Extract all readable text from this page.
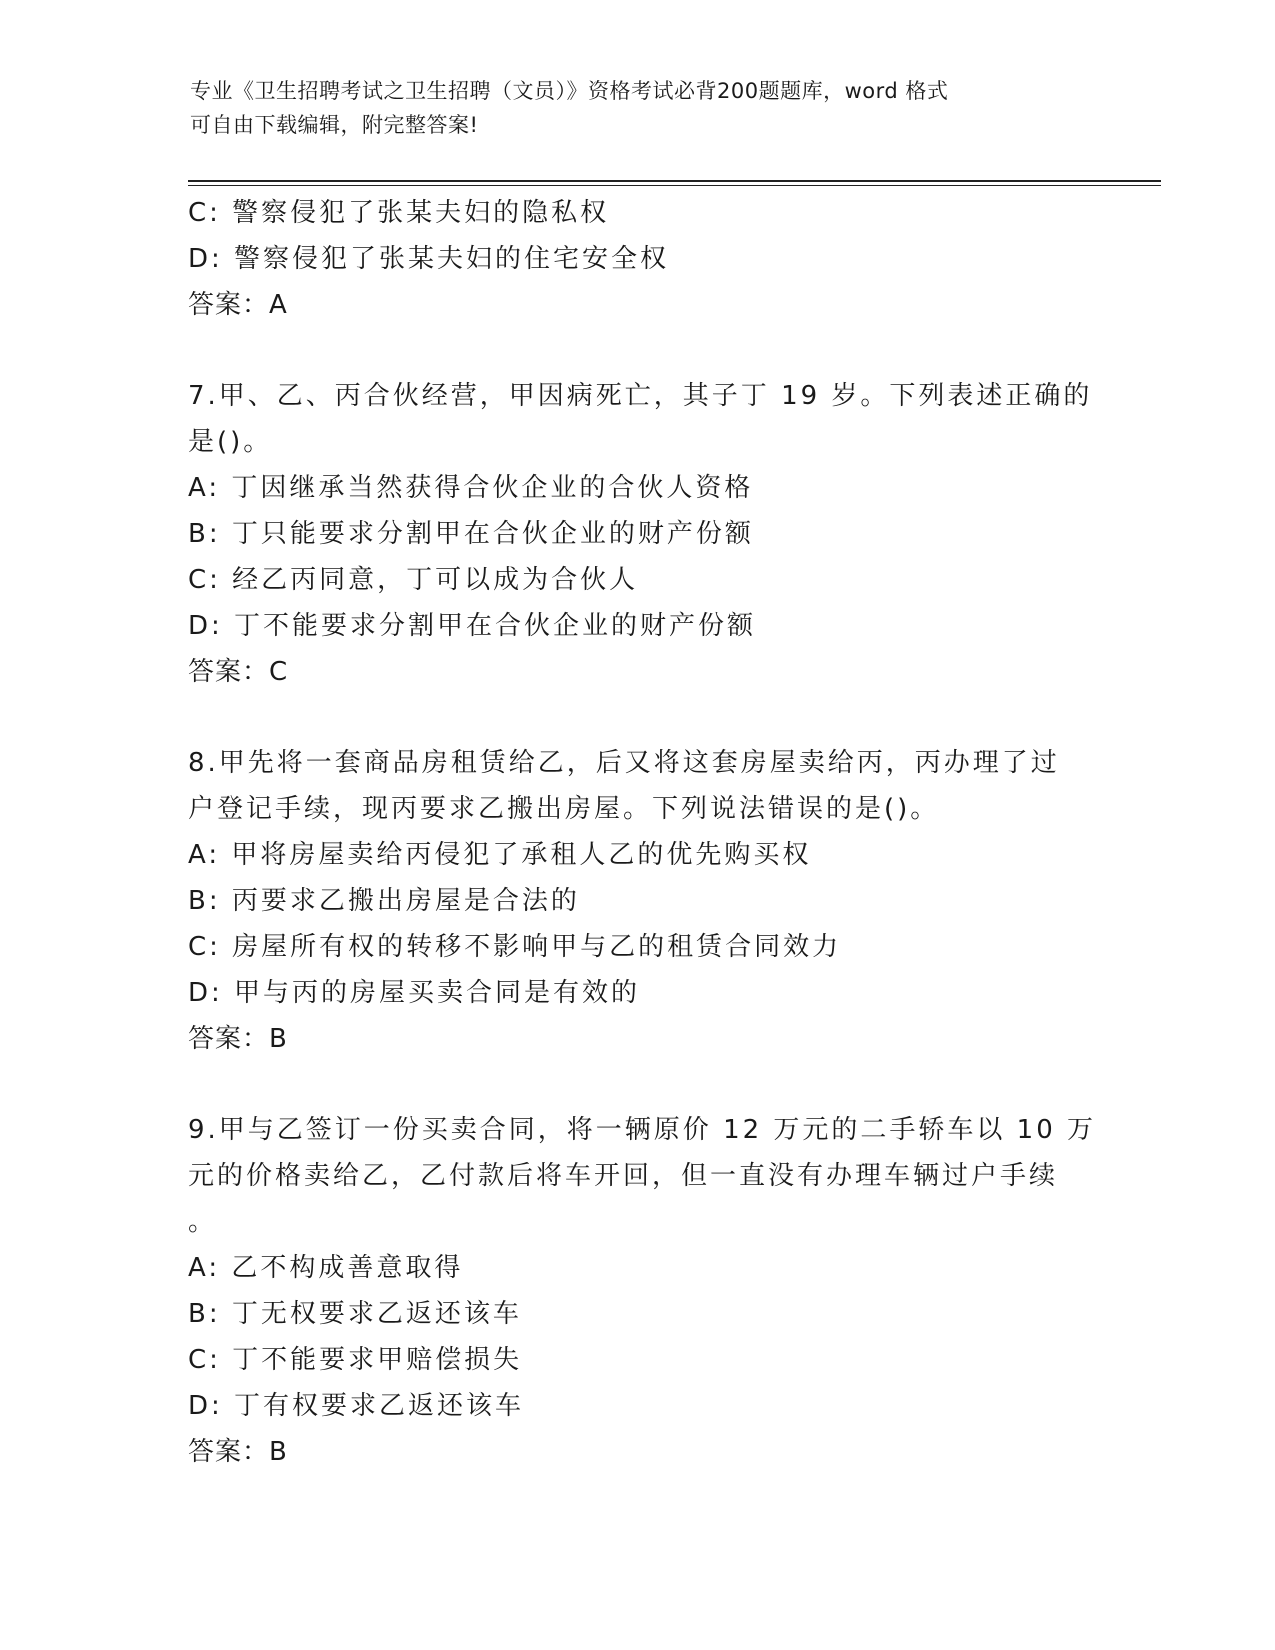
专业《卫生招聘考试之卫生招聘（文员）》资格考试必背200题题库，word 格式
可自由下载编辑，附完整答案!
C: 警察侵犯了张某夫妇的隐私权
D: 警察侵犯了张某夫妇的住宅安全权
答案：A
7.甲、乙、丙合伙经营，甲因病死亡，其子丁 19 岁。下列表述正确的
是()。
A: 丁因继承当然获得合伙企业的合伙人资格
B: 丁只能要求分割甲在合伙企业的财产份额
C: 经乙丙同意，丁可以成为合伙人
D: 丁不能要求分割甲在合伙企业的财产份额
答案：C
8.甲先将一套商品房租赁给乙，后又将这套房屋卖给丙，丙办理了过
户登记手续，现丙要求乙搬出房屋。下列说法错误的是()。
A: 甲将房屋卖给丙侵犯了承租人乙的优先购买权
B: 丙要求乙搬出房屋是合法的
C: 房屋所有权的转移不影响甲与乙的租赁合同效力
D: 甲与丙的房屋买卖合同是有效的
答案：B
9.甲与乙签订一份买卖合同，将一辆原价 12 万元的二手轿车以 10 万
元的价格卖给乙，乙付款后将车开回，但一直没有办理车辆过户手续
。
A: 乙不构成善意取得
B: 丁无权要求乙返还该车
C: 丁不能要求甲赔偿损失
D: 丁有权要求乙返还该车
答案：B
